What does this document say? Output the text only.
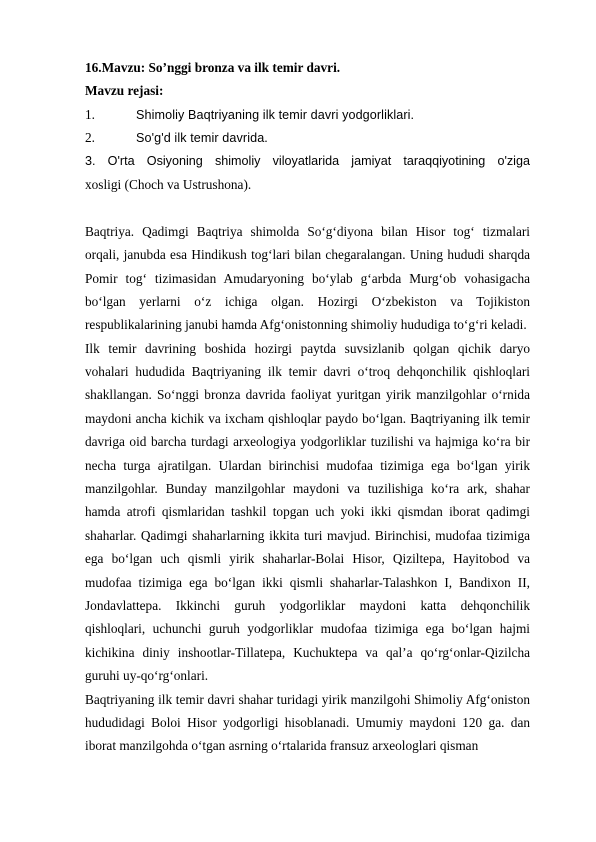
16.Mavzu: So’nggi bronza va ilk temir davri.
Mavzu rejasi:
1.	Shimoliy Baqtriyaning ilk temir davri yodgorliklari.
2.	So'g'd ilk temir davrida.
3. O'rta Osiyoning shimoliy viloyatlarida jamiyat taraqqiyotining o'ziga
xosligi (Choch va Ustrushona).
Baqtriya. Qadimgi Baqtriya shimolda So‘g‘diyona bilan Hisor tog‘ tizmalari
orqali, janubda esa Hindikush tog‘lari bilan chegaralangan. Uning hududi sharqda
Pomir tog‘ tizimasidan Amudaryoning bo‘ylab g‘arbda Murg‘ob vohasigacha
bo‘lgan yerlarni o‘z ichiga olgan. Hozirgi O‘zbekiston va Tojikiston
respublikalarining janubi hamda Afg‘onistonning shimoliy hududiga to‘g‘ri keladi.
Ilk temir davrining boshida hozirgi paytda suvsizlanib qolgan qichik daryo
vohalari hududida Baqtriyaning ilk temir davri o‘troq dehqonchilik qishloqlari
shakllangan. So‘nggi bronza davrida faoliyat yuritgan yirik manzilgohlar o‘rnida
maydoni ancha kichik va ixcham qishloqlar paydo bo‘lgan. Baqtriyaning ilk temir
davriga oid barcha turdagi arxeologiya yodgorliklar tuzilishi va hajmiga ko‘ra bir
necha turga ajratilgan. Ulardan birinchisi mudofaa tizimiga ega bo‘lgan yirik
manzilgohlar. Bunday manzilgohlar maydoni va tuzilishiga ko‘ra ark, shahar
hamda atrofi qismlaridan tashkil topgan uch yoki ikki qismdan iborat qadimgi
shaharlar. Qadimgi shaharlarning ikkita turi mavjud. Birinchisi, mudofaa tizimiga
ega bo‘lgan uch qismli yirik shaharlar-Bolai Hisor, Qiziltepa, Hayitobod va
mudofaa tizimiga ega bo‘lgan ikki qismli shaharlar-Talashkon I, Bandixon II,
Jondavlattepa. Ikkinchi guruh yodgorliklar maydoni katta dehqonchilik
qishloqlari, uchunchi guruh yodgorliklar mudofaa tizimiga ega bo‘lgan hajmi
kichikina diniy inshootlar-Tillatepa, Kuchuktepa va qal’a qo‘rg‘onlar-Qizilcha
guruhi uy-qo‘rg‘onlari.
Baqtriyaning ilk temir davri shahar turidagi yirik manzilgohi Shimoliy Afg‘oniston
hududidagi Boloi Hisor yodgorligi hisoblanadi. Umumiy maydoni 120 ga. dan
iborat manzilgohda o‘tgan asrning o‘rtalarida fransuz arxeologlari qisman
